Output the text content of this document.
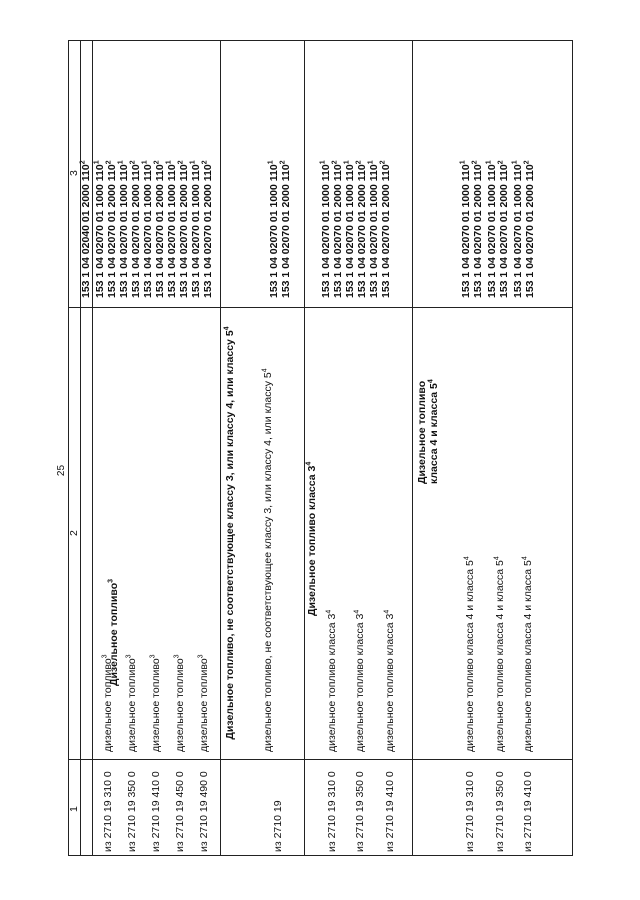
25
1
2
3 153 1 04 02040 01 2000 $110^2$
Дизельное топливо$^3$
из 2710 19 310 0
дизельное топливо$^3$
153 1 04 02070 01 1000 $110^1$
153 1 04 02070 01 2000 $110^2$
из 2710 19 350 0
дизельное топливо$^3$
153 1 04 02070 01 1000 $110^1$
153 1 04 02070 01 2000 $110^2$
из 2710 19 410 0
дизельное топливо$^3$
153 1 04 02070 01 1000 $110^1$
153 1 04 02070 01 2000 $110^2$
из 2710 19 450 0
дизельное топливо$^3$
153 1 04 02070 01 1000 $110^1$
153 1 04 02070 01 2000 $110^2$
из 2710 19 490 0
дизельное топливо$^3$
153 1 04 02070 01 1000 $110^1$
153 1 04 02070 01 2000 $110^2$
Дизельное топливо, не соответствующее классу 3, или классу 4, или классу $5^4$
из 2710 19
дизельное топливо, не соответствующее классу 3, или классу 4, или классу $5^4$
153 1 04 02070 01 1000 $110^1$
153 1 04 02070 01 2000 $110^2$
Дизельное топливо класса $3^4$
из 2710 19 310 0
дизельное топливо класса $3^4$
153 1 04 02070 01 1000 $110^1$
153 1 04 02070 01 2000 $110^2$
из 2710 19 350 0
дизельное топливо класса $3^4$
153 1 04 02070 01 1000 $110^1$
153 1 04 02070 01 2000 $110^2$
из 2710 19 410 0
дизельное топливо класса $3^4$
153 1 04 02070 01 1000 $110^1$
153 1 04 02070 01 2000 $110^2$
Дизельное топливо класса 4 и класса $5^4$
из 2710 19 310 0
дизельное топливо класса 4 и класса $5^4$
153 1 04 02070 01 1000 $110^1$
153 1 04 02070 01 2000 $110^2$
из 2710 19 350 0
дизельное топливо класса 4 и класса $5^4$
153 1 04 02070 01 1000 $110^1$
153 1 04 02070 01 2000 $110^2$
из 2710 19 410 0
дизельное топливо класса 4 и класса $5^4$
153 1 04 02070 01 1000 $110^1$
153 1 04 02070 01 2000 $110^2$
